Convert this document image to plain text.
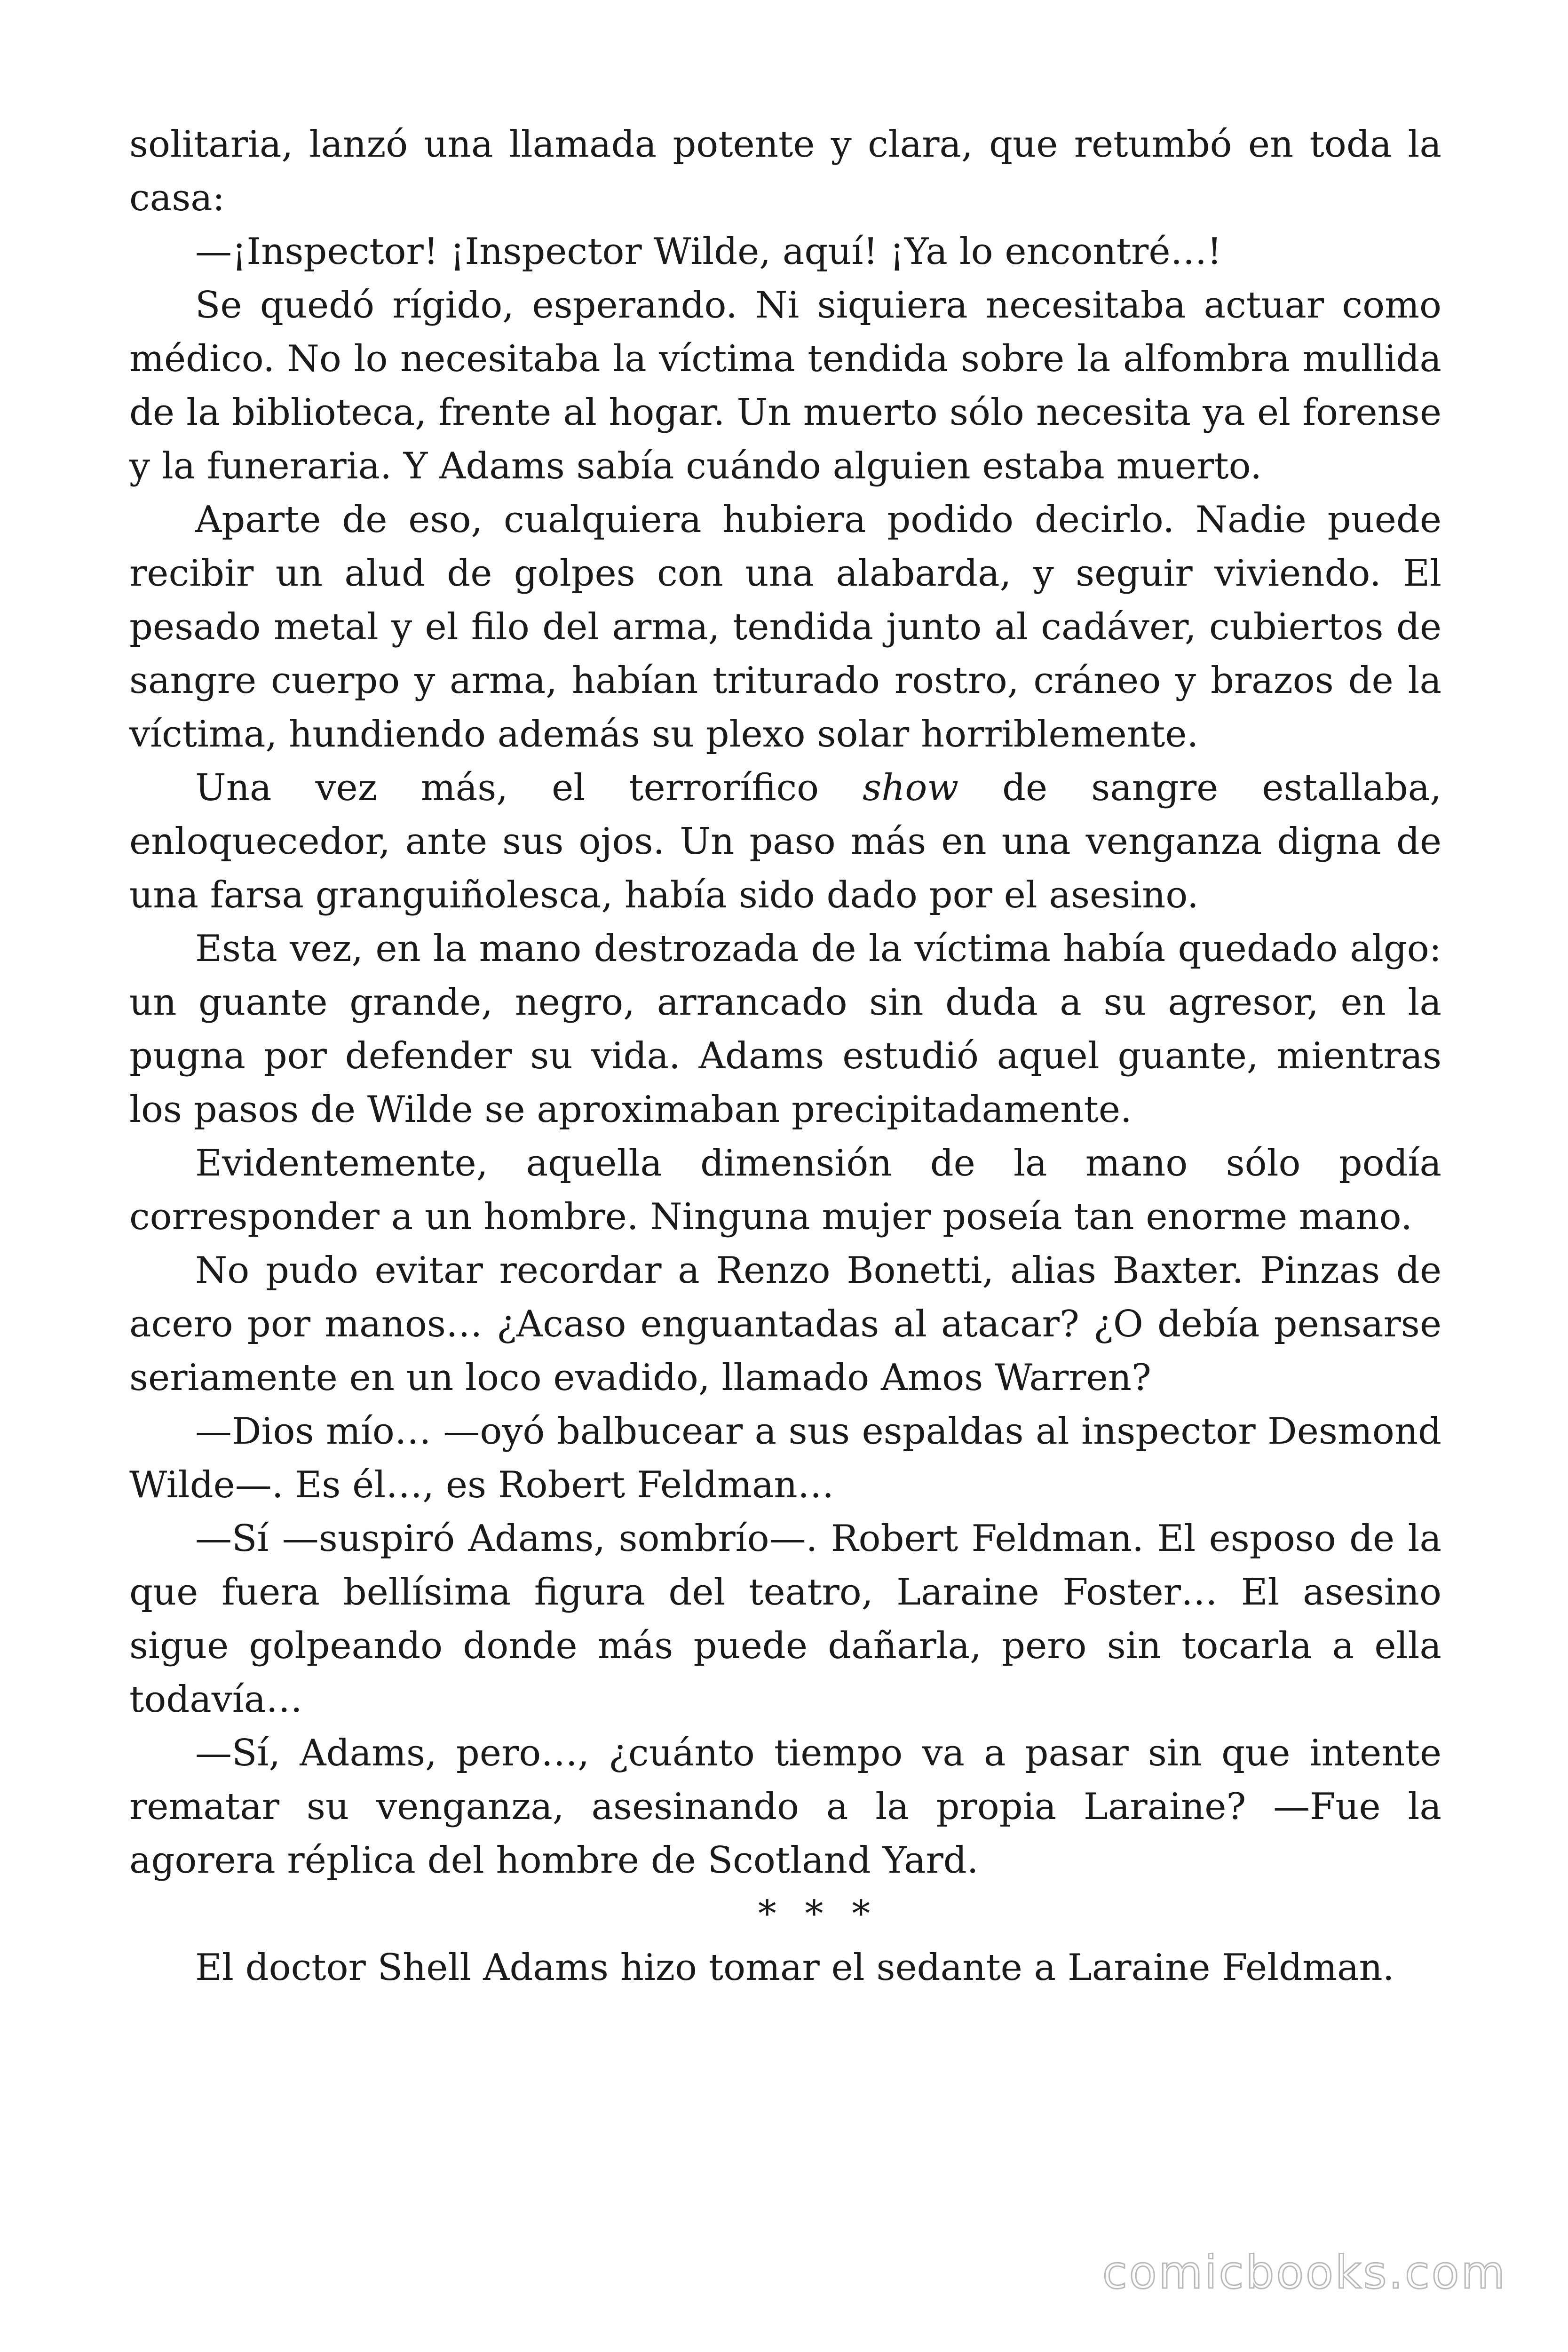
solitaria, lanzó una llamada potente y clara, que retumbó en toda la casa:

—¡Inspector! ¡Inspector Wilde, aquí! ¡Ya lo encontré…!

Se quedó rígido, esperando. Ni siquiera necesitaba actuar como médico. No lo necesitaba la víctima tendida sobre la alfombra mullida de la biblioteca, frente al hogar. Un muerto sólo necesita ya el forense y la funeraria. Y Adams sabía cuándo alguien estaba muerto.

Aparte de eso, cualquiera hubiera podido decirlo. Nadie puede recibir un alud de golpes con una alabarda, y seguir viviendo. El pesado metal y el filo del arma, tendida junto al cadáver, cubiertos de sangre cuerpo y arma, habían triturado rostro, cráneo y brazos de la víctima, hundiendo además su plexo solar horriblemente.

Una vez más, el terrorífico show de sangre estallaba, enloquecedor, ante sus ojos. Un paso más en una venganza digna de una farsa granguiñolesca, había sido dado por el asesino.

Esta vez, en la mano destrozada de la víctima había quedado algo: un guante grande, negro, arrancado sin duda a su agresor, en la pugna por defender su vida. Adams estudió aquel guante, mientras los pasos de Wilde se aproximaban precipitadamente.

Evidentemente, aquella dimensión de la mano sólo podía corresponder a un hombre. Ninguna mujer poseía tan enorme mano.

No pudo evitar recordar a Renzo Bonetti, alias Baxter. Pinzas de acero por manos… ¿Acaso enguantadas al atacar? ¿O debía pensarse seriamente en un loco evadido, llamado Amos Warren?

—Dios mío… —oyó balbucear a sus espaldas al inspector Desmond Wilde—. Es él…, es Robert Feldman…

—Sí —suspiró Adams, sombrío—. Robert Feldman. El esposo de la que fuera bellísima figura del teatro, Laraine Foster… El asesino sigue golpeando donde más puede dañarla, pero sin tocarla a ella todavía…

—Sí, Adams, pero…, ¿cuánto tiempo va a pasar sin que intente rematar su venganza, asesinando a la propia Laraine? —Fue la agorera réplica del hombre de Scotland Yard.

* * *

El doctor Shell Adams hizo tomar el sedante a Laraine Feldman.

comicbooks.com
